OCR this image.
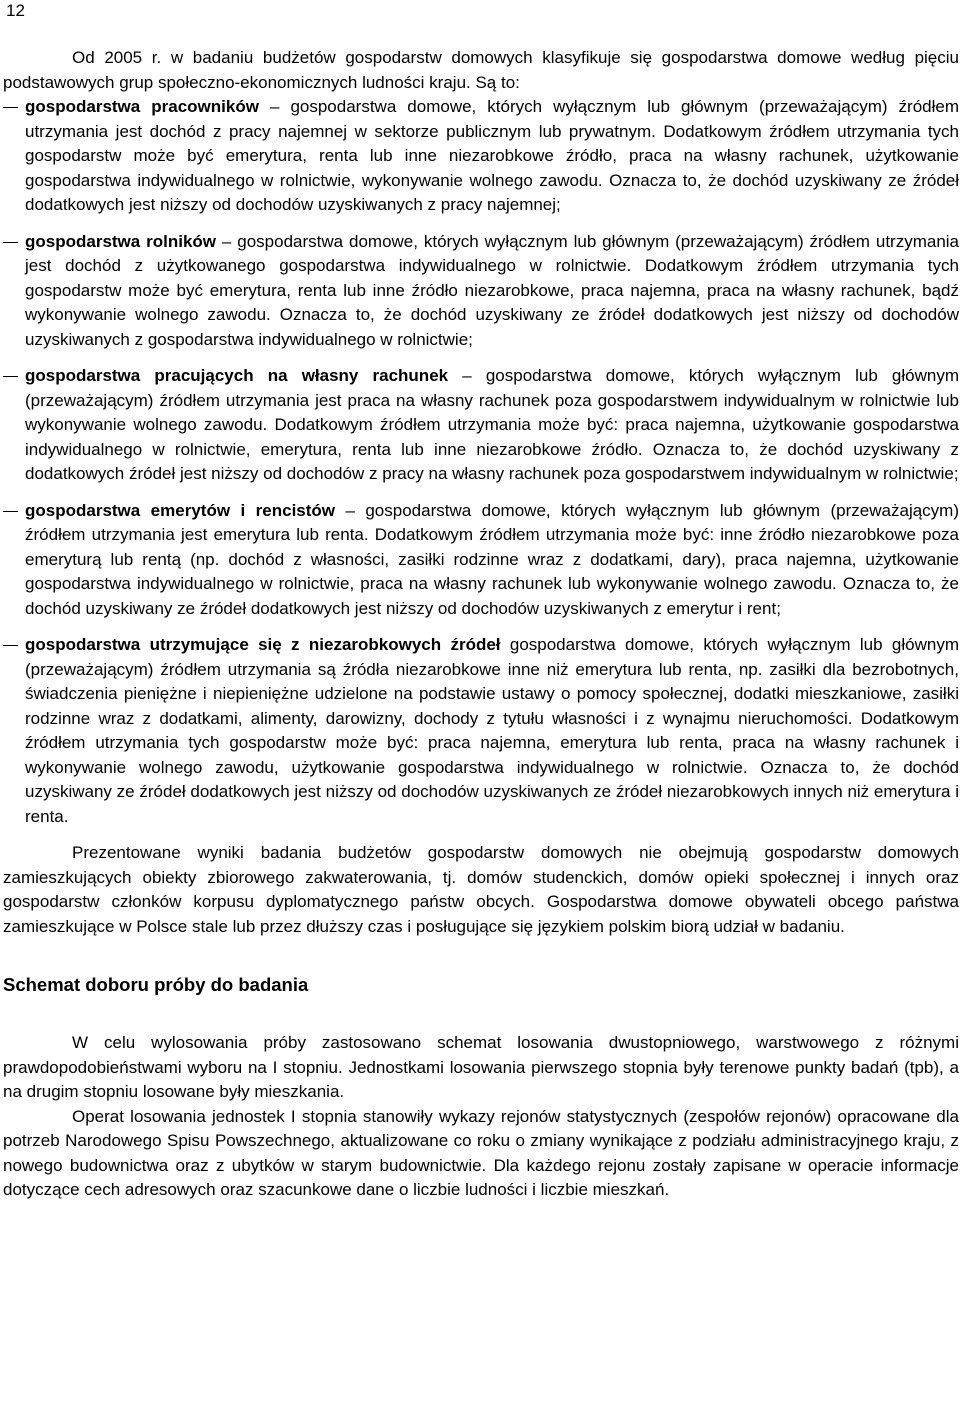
12

Od 2005 r. w badaniu budżetów gospodarstw domowych klasyfikuje się gospodarstwa domowe według pięciu podstawowych grup społeczno-ekonomicznych ludności kraju. Są to:

gospodarstwa pracowników – gospodarstwa domowe, których wyłącznym lub głównym (przeważającym) źródłem utrzymania jest dochód z pracy najemnej w sektorze publicznym lub prywatnym. Dodatkowym źródłem utrzymania tych gospodarstw może być emerytura, renta lub inne niezarobkowe źródło, praca na własny rachunek, użytkowanie gospodarstwa indywidualnego w rolnictwie, wykonywanie wolnego zawodu. Oznacza to, że dochód uzyskiwany ze źródeł dodatkowych jest niższy od dochodów uzyskiwanych z pracy najemnej;
gospodarstwa rolników – gospodarstwa domowe, których wyłącznym lub głównym (przeważającym) źródłem utrzymania jest dochód z użytkowanego gospodarstwa indywidualnego w rolnictwie. Dodatkowym źródłem utrzymania tych gospodarstw może być emerytura, renta lub inne źródło niezarobkowe, praca najemna, praca na własny rachunek, bądź wykonywanie wolnego zawodu. Oznacza to, że dochód uzyskiwany ze źródeł dodatkowych jest niższy od dochodów uzyskiwanych z gospodarstwa indywidualnego w rolnictwie;
gospodarstwa pracujących na własny rachunek – gospodarstwa domowe, których wyłącznym lub głównym (przeważającym) źródłem utrzymania jest praca na własny rachunek poza gospodarstwem indywidualnym w rolnictwie lub wykonywanie wolnego zawodu. Dodatkowym źródłem utrzymania może być: praca najemna, użytkowanie gospodarstwa indywidualnego w rolnictwie, emerytura, renta lub inne niezarobkowe źródło. Oznacza to, że dochód uzyskiwany z dodatkowych źródeł jest niższy od dochodów z pracy na własny rachunek poza gospodarstwem indywidualnym w rolnictwie;
gospodarstwa emerytów i rencistów – gospodarstwa domowe, których wyłącznym lub głównym (przeważającym) źródłem utrzymania jest emerytura lub renta. Dodatkowym źródłem utrzymania może być: inne źródło niezarobkowe poza emeryturą lub rentą (np. dochód z własności, zasiłki rodzinne wraz z dodatkami, dary), praca najemna, użytkowanie gospodarstwa indywidualnego w rolnictwie, praca na własny rachunek lub wykonywanie wolnego zawodu. Oznacza to, że dochód uzyskiwany ze źródeł dodatkowych jest niższy od dochodów uzyskiwanych z emerytur i rent;
gospodarstwa utrzymujące się z niezarobkowych źródeł gospodarstwa domowe, których wyłącznym lub głównym (przeważającym) źródłem utrzymania są źródła niezarobkowe inne niż emerytura lub renta, np. zasiłki dla bezrobotnych, świadczenia pieniężne i niepieniężne udzielone na podstawie ustawy o pomocy społecznej, dodatki mieszkaniowe, zasiłki rodzinne wraz z dodatkami, alimenty, darowizny, dochody z tytułu własności i z wynajmu nieruchomości. Dodatkowym źródłem utrzymania tych gospodarstw może być: praca najemna, emerytura lub renta, praca na własny rachunek i wykonywanie wolnego zawodu, użytkowanie gospodarstwa indywidualnego w rolnictwie. Oznacza to, że dochód uzyskiwany ze źródeł dodatkowych jest niższy od dochodów uzyskiwanych ze źródeł niezarobkowych innych niż emerytura i renta.

Prezentowane wyniki badania budżetów gospodarstw domowych nie obejmują gospodarstw domowych zamieszkujących obiekty zbiorowego zakwaterowania, tj. domów studenckich, domów opieki społecznej i innych oraz gospodarstw członków korpusu dyplomatycznego państw obcych. Gospodarstwa domowe obywateli obcego państwa zamieszkujące w Polsce stale lub przez dłuższy czas i posługujące się językiem polskim biorą udział w badaniu.

Schemat doboru próby do badania

W celu wylosowania próby zastosowano schemat losowania dwustopniowego, warstwowego z różnymi prawdopodobieństwami wyboru na I stopniu. Jednostkami losowania pierwszego stopnia były terenowe punkty badań (tpb), a na drugim stopniu losowane były mieszkania.

Operat losowania jednostek I stopnia stanowiły wykazy rejonów statystycznych (zespołów rejonów) opracowane dla potrzeb Narodowego Spisu Powszechnego, aktualizowane co roku o zmiany wynikające z podziału administracyjnego kraju, z nowego budownictwa oraz z ubytków w starym budownictwie. Dla każdego rejonu zostały zapisane w operacie informacje dotyczące cech adresowych oraz szacunkowe dane o liczbie ludności i liczbie mieszkań.
